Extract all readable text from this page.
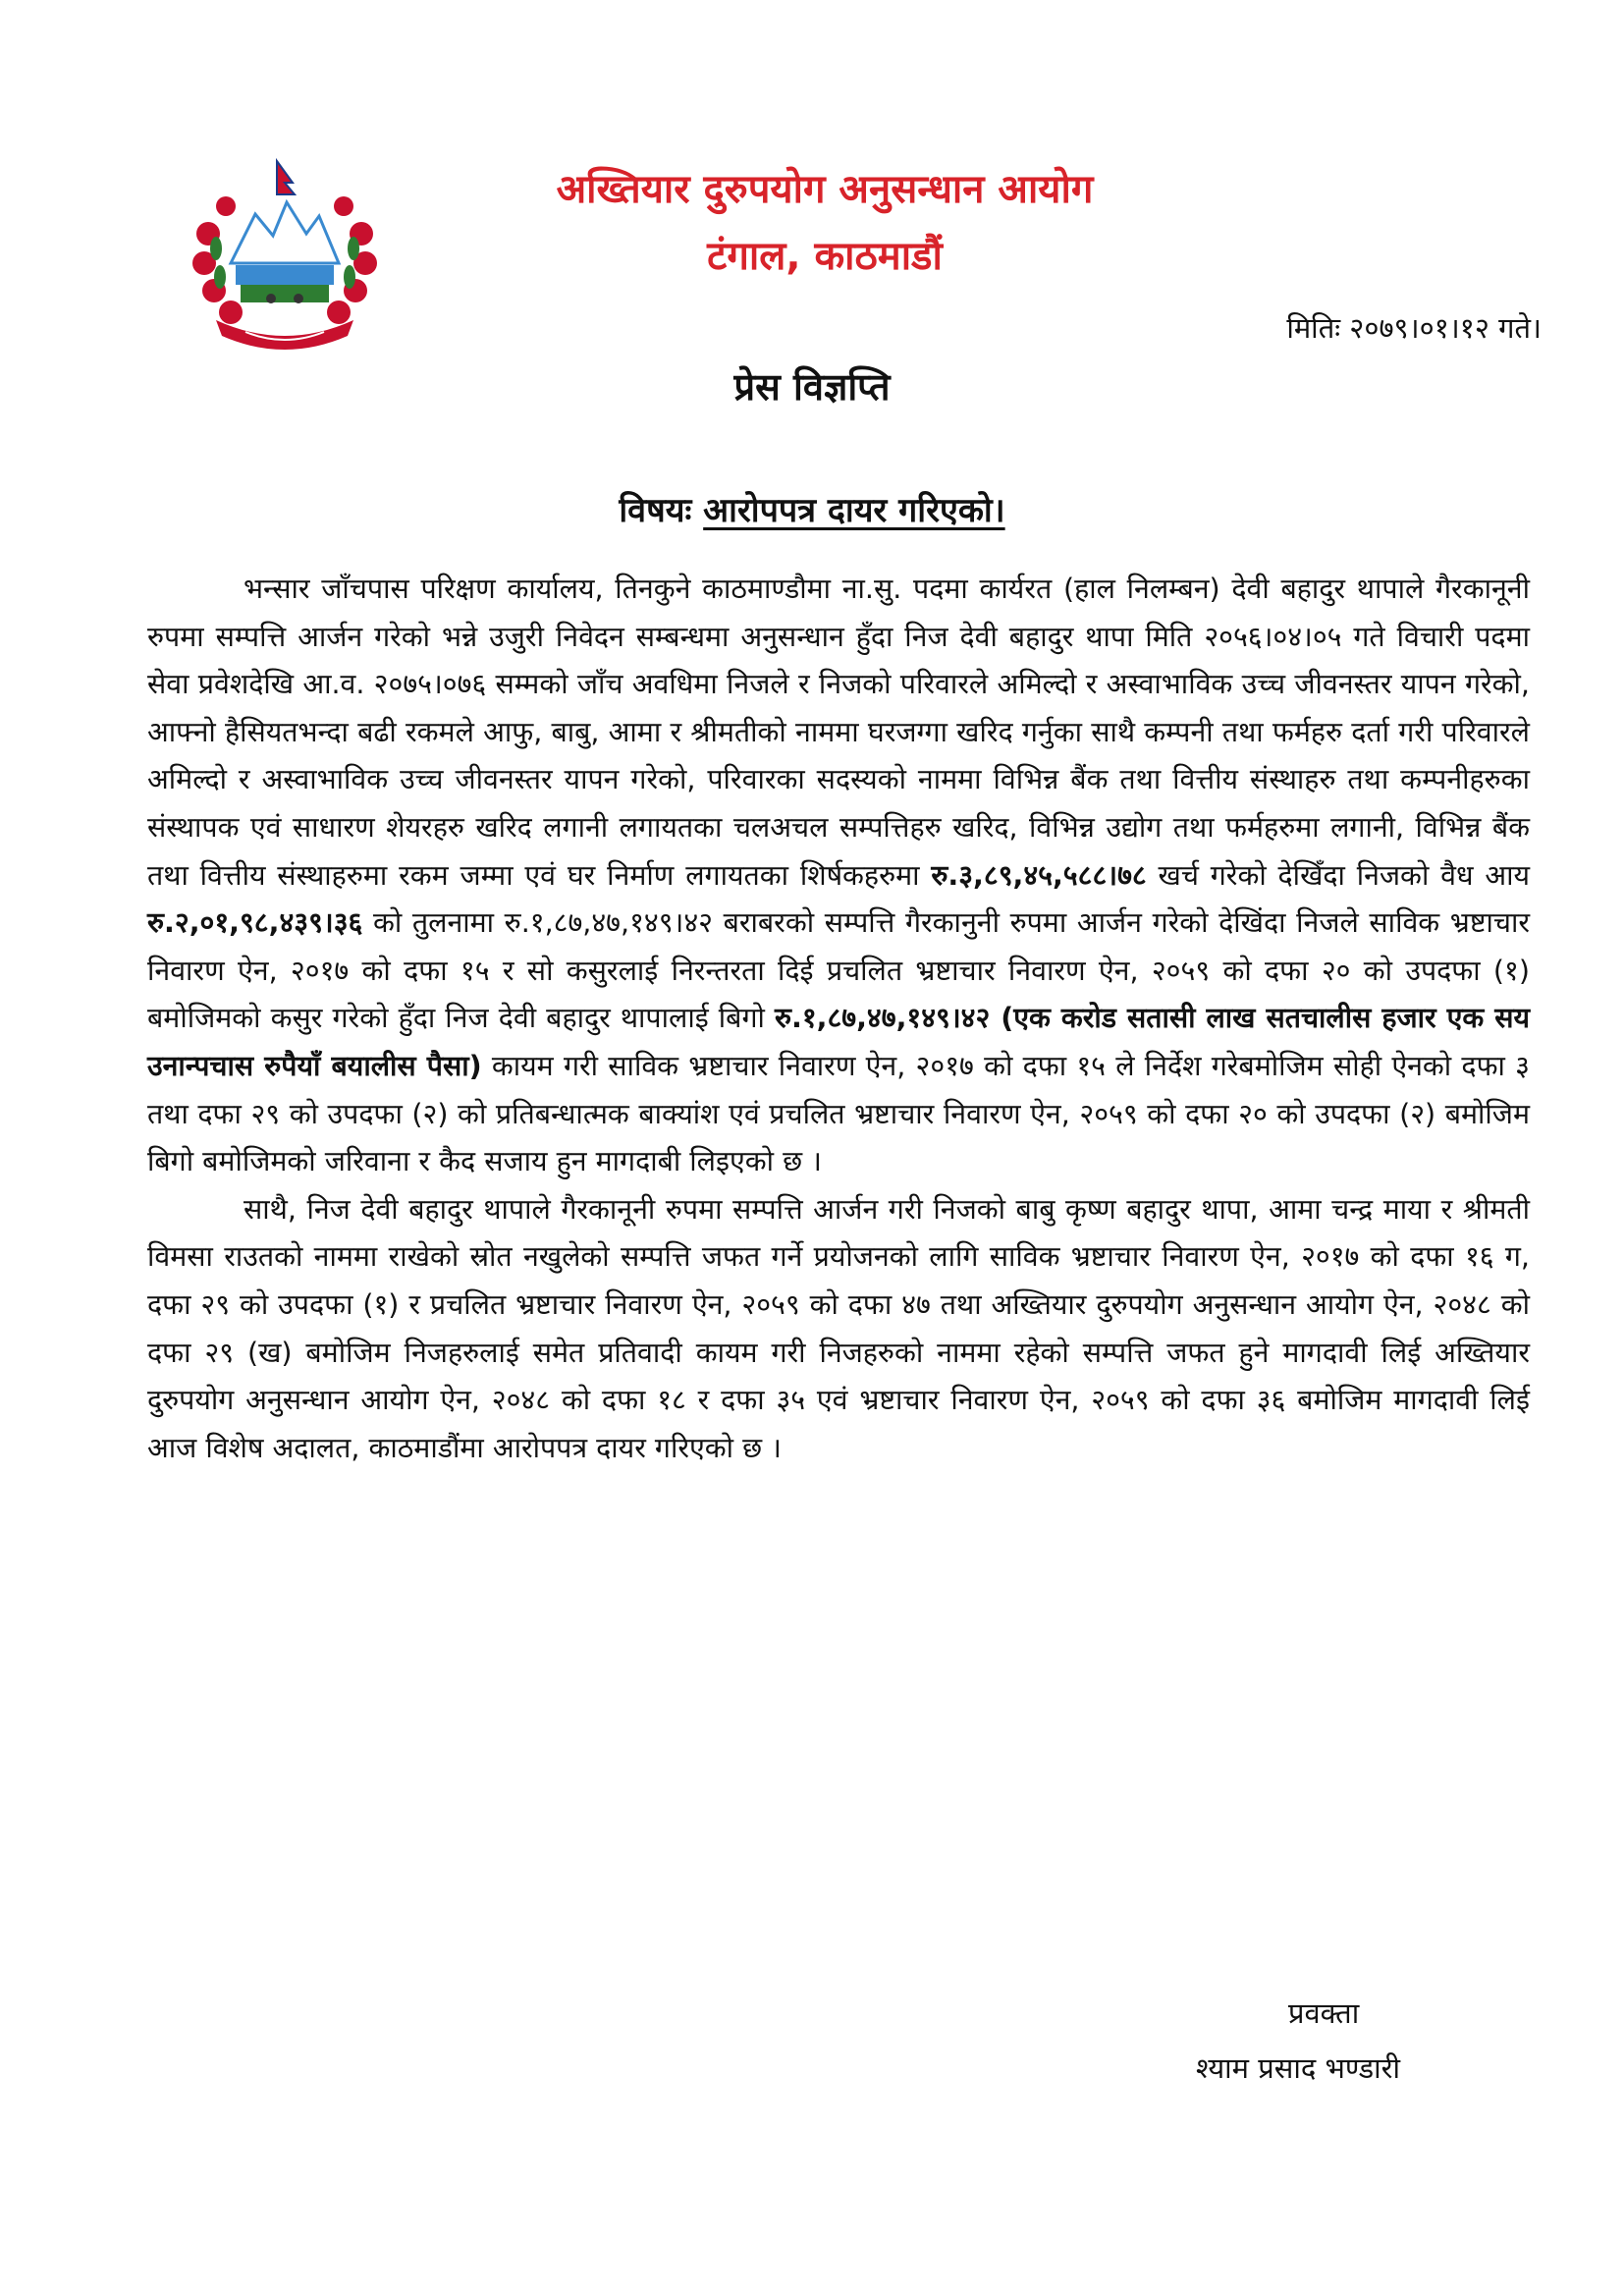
अख्तियार दुरुपयोग अनुसन्धान आयोग
टंगाल, काठमाडौं
मितिः २०७९।०१।१२ गते।
प्रेस विज्ञप्ति
विषयः आरोपपत्र दायर गरिएको।

भन्सार जाँचपास परिक्षण कार्यालय, तिनकुने काठमाण्डौमा ना.सु. पदमा कार्यरत (हाल निलम्बन) देवी बहादुर थापाले गैरकानूनी रुपमा सम्पत्ति आर्जन गरेको भन्ने उजुरी निवेदन सम्बन्धमा अनुसन्धान हुँदा निज देवी बहादुर थापा मिति २०५६।०४।०५ गते विचारी पदमा सेवा प्रवेशदेखि आ.व. २०७५।०७६ सम्मको जाँच अवधिमा निजले र निजको परिवारले अमिल्दो र अस्वाभाविक उच्च जीवनस्तर यापन गरेको, आफ्नो हैसियतभन्दा बढी रकमले आफु, बाबु, आमा र श्रीमतीको नाममा घरजग्गा खरिद गर्नुका साथै कम्पनी तथा फर्महरु दर्ता गरी परिवारले अमिल्दो र अस्वाभाविक उच्च जीवनस्तर यापन गरेको, परिवारका सदस्यको नाममा विभिन्न बैंक तथा वित्तीय संस्थाहरु तथा कम्पनीहरुका संस्थापक एवं साधारण शेयरहरु खरिद लगानी लगायतका चलअचल सम्पत्तिहरु खरिद, विभिन्न उद्योग तथा फर्महरुमा लगानी, विभिन्न बैंक तथा वित्तीय संस्थाहरुमा रकम जम्मा एवं घर निर्माण लगायतका शिर्षकहरुमा रु.३,८९,४५,५८८।७८ खर्च गरेको देखिँदा निजको वैध आय रु.२,०१,९८,४३९।३६ को तुलनामा रु.१,८७,४७,१४९।४२ बराबरको सम्पत्ति गैरकानुनी रुपमा आर्जन गरेको देखिंदा निजले साविक भ्रष्टाचार निवारण ऐन, २०१७ को दफा १५ र सो कसुरलाई निरन्तरता दिई प्रचलित भ्रष्टाचार निवारण ऐन, २०५९ को दफा २० को उपदफा (१) बमोजिमको कसुर गरेको हुँदा निज देवी बहादुर थापालाई बिगो रु.१,८७,४७,१४९।४२ (एक करोड सतासी लाख सतचालीस हजार एक सय उनान्पचास रुपैयाँ बयालीस पैसा) कायम गरी साविक भ्रष्टाचार निवारण ऐन, २०१७ को दफा १५ ले निर्देश गरेबमोजिम सोही ऐनको दफा ३ तथा दफा २९ को उपदफा (२) को प्रतिबन्धात्मक बाक्यांश एवं प्रचलित भ्रष्टाचार निवारण ऐन, २०५९ को दफा २० को उपदफा (२) बमोजिम बिगो बमोजिमको जरिवाना र कैद सजाय हुन मागदाबी लिइएको छ ।

साथै, निज देवी बहादुर थापाले गैरकानूनी रुपमा सम्पत्ति आर्जन गरी निजको बाबु कृष्ण बहादुर थापा, आमा चन्द्र माया र श्रीमती विमसा राउतको नाममा राखेको स्रोत नखुलेको सम्पत्ति जफत गर्ने प्रयोजनको लागि साविक भ्रष्टाचार निवारण ऐन, २०१७ को दफा १६ ग, दफा २९ को उपदफा (१) र प्रचलित भ्रष्टाचार निवारण ऐन, २०५९ को दफा ४७ तथा अख्तियार दुरुपयोग अनुसन्धान आयोग ऐन, २०४८ को दफा २९ (ख) बमोजिम निजहरुलाई समेत प्रतिवादी कायम गरी निजहरुको नाममा रहेको सम्पत्ति जफत हुने मागदावी लिई अख्तियार दुरुपयोग अनुसन्धान आयोग ऐन, २०४८ को दफा १८ र दफा ३५ एवं भ्रष्टाचार निवारण ऐन, २०५९ को दफा ३६ बमोजिम मागदावी लिई आज विशेष अदालत, काठमाडौंमा आरोपपत्र दायर गरिएको छ ।

प्रवक्ता
श्याम प्रसाद भण्डारी
